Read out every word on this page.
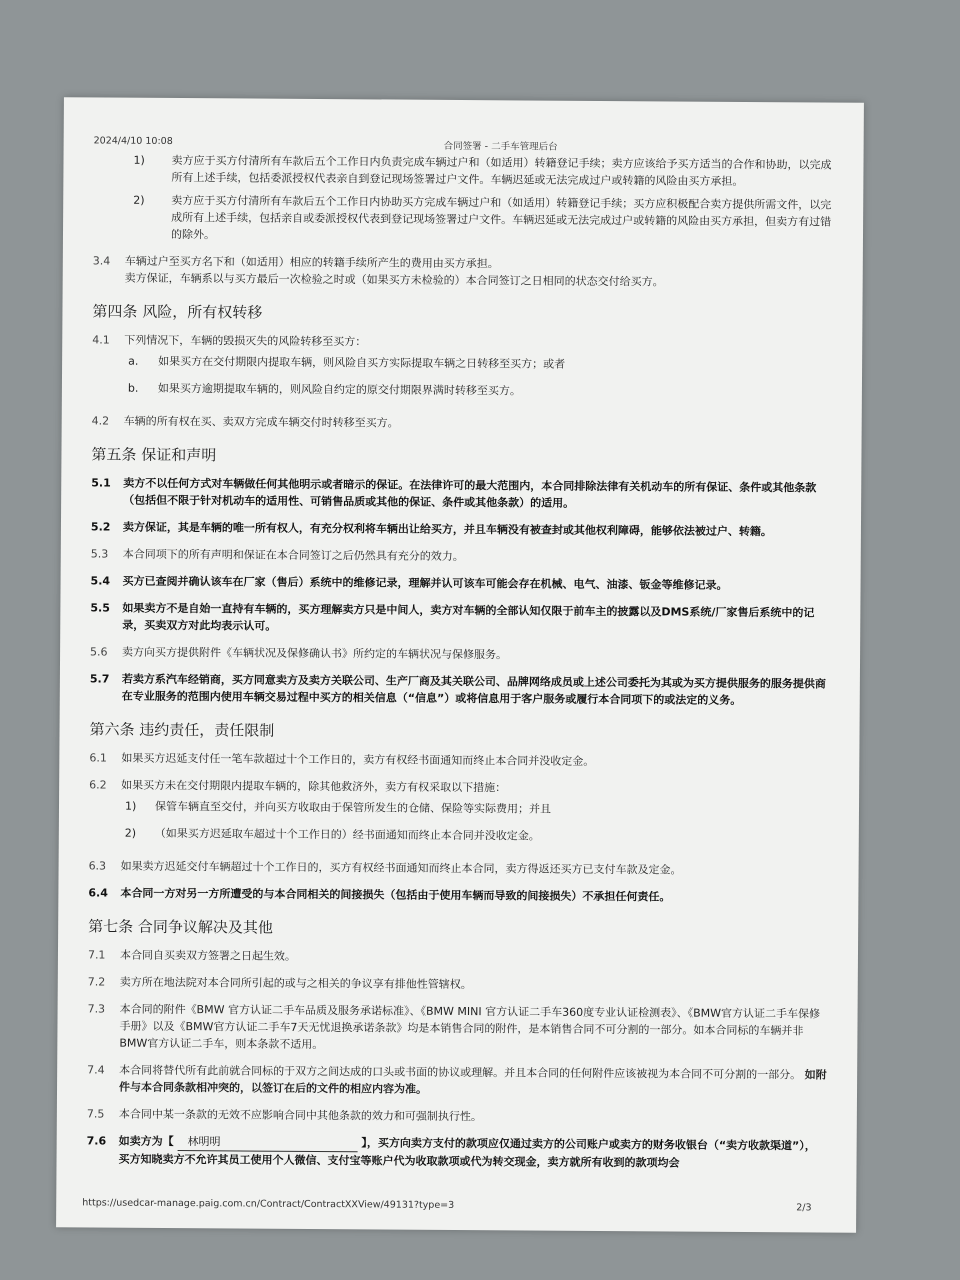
2024/4/10 10:08	合同签署 - 二手车管理后台
1)	卖方应于买方付清所有车款后五个工作日内负责完成车辆过户和（如适用）转籍登记手续；卖方应该给予买方适当的合作和协助，以完成所有上述手续，包括委派授权代表亲自到登记现场签署过户文件。车辆迟延或无法完成过户或转籍的风险由买方承担。
2)	卖方应于买方付清所有车款后五个工作日内协助买方完成车辆过户和（如适用）转籍登记手续；买方应积极配合卖方提供所需文件，以完成所有上述手续，包括亲自或委派授权代表到登记现场签署过户文件。车辆迟延或无法完成过户或转籍的风险由买方承担，但卖方有过错的除外。
3.4	车辆过户至买方名下和（如适用）相应的转籍手续所产生的费用由买方承担。
卖方保证，车辆系以与买方最后一次检验之时或（如果买方未检验的）本合同签订之日相同的状态交付给买方。
第四条 风险，所有权转移
4.1	下列情况下，车辆的毁损灭失的风险转移至买方：
a.	如果买方在交付期限内提取车辆，则风险自买方实际提取车辆之日转移至买方；或者
b.	如果买方逾期提取车辆的，则风险自约定的原交付期限界满时转移至买方。
4.2	车辆的所有权在买、卖双方完成车辆交付时转移至买方。
第五条 保证和声明
5.1	卖方不以任何方式对车辆做任何其他明示或者暗示的保证。在法律许可的最大范围内，本合同排除法律有关机动车的所有保证、条件或其他条款（包括但不限于针对机动车的适用性、可销售品质或其他的保证、条件或其他条款）的适用。
5.2	卖方保证，其是车辆的唯一所有权人，有充分权利将车辆出让给买方，并且车辆没有被查封或其他权利障碍，能够依法被过户、转籍。
5.3	本合同项下的所有声明和保证在本合同签订之后仍然具有充分的效力。
5.4	买方已查阅并确认该车在厂家（售后）系统中的维修记录，理解并认可该车可能会存在机械、电气、油漆、钣金等维修记录。
5.5	如果卖方不是自始一直持有车辆的，买方理解卖方只是中间人，卖方对车辆的全部认知仅限于前车主的披露以及DMS系统/厂家售后系统中的记录，买卖双方对此均表示认可。
5.6	卖方向买方提供附件《车辆状况及保修确认书》所约定的车辆状况与保修服务。
5.7	若卖方系汽车经销商，买方同意卖方及卖方关联公司、生产厂商及其关联公司、品牌网络成员或上述公司委托为其或为买方提供服务的服务提供商在专业服务的范围内使用车辆交易过程中买方的相关信息（“信息”）或将信息用于客户服务或履行本合同项下的或法定的义务。
第六条 违约责任，责任限制
6.1	如果买方迟延支付任一笔车款超过十个工作日的，卖方有权经书面通知而终止本合同并没收定金。
6.2	如果买方未在交付期限内提取车辆的，除其他救济外，卖方有权采取以下措施：
1)	保管车辆直至交付，并向买方收取由于保管所发生的仓储、保险等实际费用；并且
2)	（如果买方迟延取车超过十个工作日的）经书面通知而终止本合同并没收定金。
6.3	如果卖方迟延交付车辆超过十个工作日的，买方有权经书面通知而终止本合同，卖方得返还买方已支付车款及定金。
6.4	本合同一方对另一方所遭受的与本合同相关的间接损失（包括由于使用车辆而导致的间接损失）不承担任何责任。
第七条 合同争议解决及其他
7.1	本合同自买卖双方签署之日起生效。
7.2	卖方所在地法院对本合同所引起的或与之相关的争议享有排他性管辖权。
7.3	本合同的附件《BMW 官方认证二手车品质及服务承诺标准》、《BMW MINI 官方认证二手车360度专业认证检测表》、《BMW官方认证二手车保修手册》以及《BMW官方认证二手车7天无忧退换承诺条款》均是本销售合同的附件，是本销售合同不可分割的一部分。如本合同标的车辆并非BMW官方认证二手车，则本条款不适用。
7.4	本合同将替代所有此前就合同标的于双方之间达成的口头或书面的协议或理解。并且本合同的任何附件应该被视为本合同不可分割的一部分。 如附件与本合同条款相冲突的，以签订在后的文件的相应内容为准。
7.5	本合同中某一条款的无效不应影响合同中其他条款的效力和可强制执行性。
7.6	如卖方为【 林明明	】，买方向卖方支付的款项应仅通过卖方的公司账户或卖方的财务收银台（“卖方收款渠道”），买方知晓卖方不允许其员工使用个人微信、支付宝等账户代为收取款项或代为转交现金，卖方就所有收到的款项均会
https://usedcar-manage.paig.com.cn/Contract/ContractXXView/49131?type=3	2/3
